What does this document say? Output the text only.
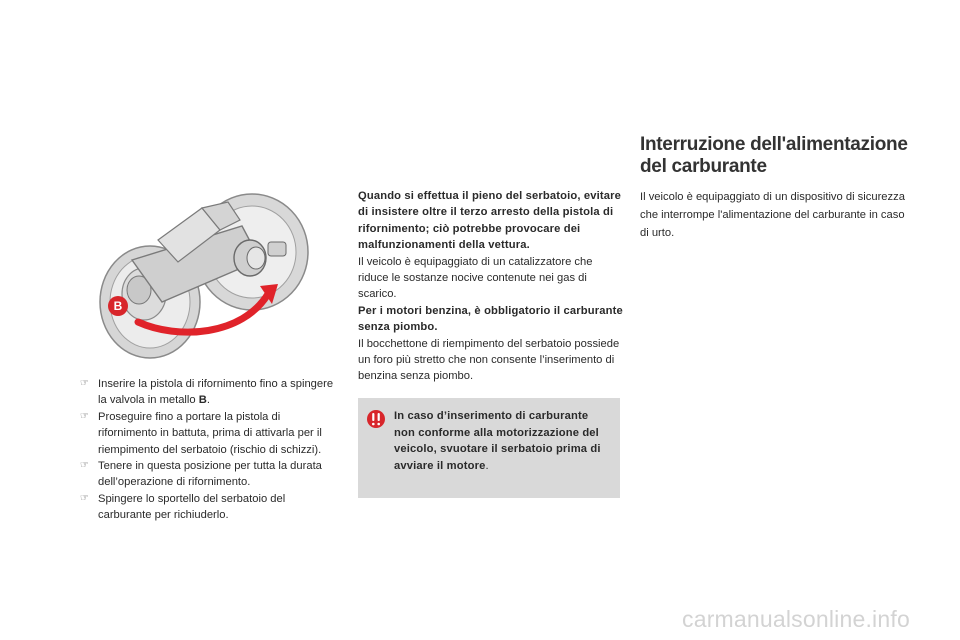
B
☞ Inserire la pistola di rifornimento fino a spingere la valvola in metallo B.
☞ Proseguire fino a portare la pistola di rifornimento in battuta, prima di attivarla per il riempimento del serbatoio (rischio di schizzi).
☞ Tenere in questa posizione per tutta la durata dell’operazione di rifornimento.
☞ Spingere lo sportello del serbatoio del carburante per richiuderlo.

Quando si effettua il pieno del serbatoio, evitare di insistere oltre il terzo arresto della pistola di rifornimento; ciò potrebbe provocare dei malfunzionamenti della vettura.

Il veicolo è equipaggiato di un catalizzatore che riduce le sostanze nocive contenute nei gas di scarico.

Per i motori benzina, è obbligatorio il carburante senza piombo.

Il bocchettone di riempimento del serbatoio possiede un foro più stretto che non consente l’inserimento di benzina senza piombo.

In caso d’inserimento di carburante non conforme alla motorizzazione del veicolo, svuotare il serbatoio prima di avviare il motore.
Interruzione dell'alimentazione del carburante
Il veicolo è equipaggiato di un dispositivo di sicurezza che interrompe l'alimentazione del carburante in caso di urto.
carmanualsonline.info
